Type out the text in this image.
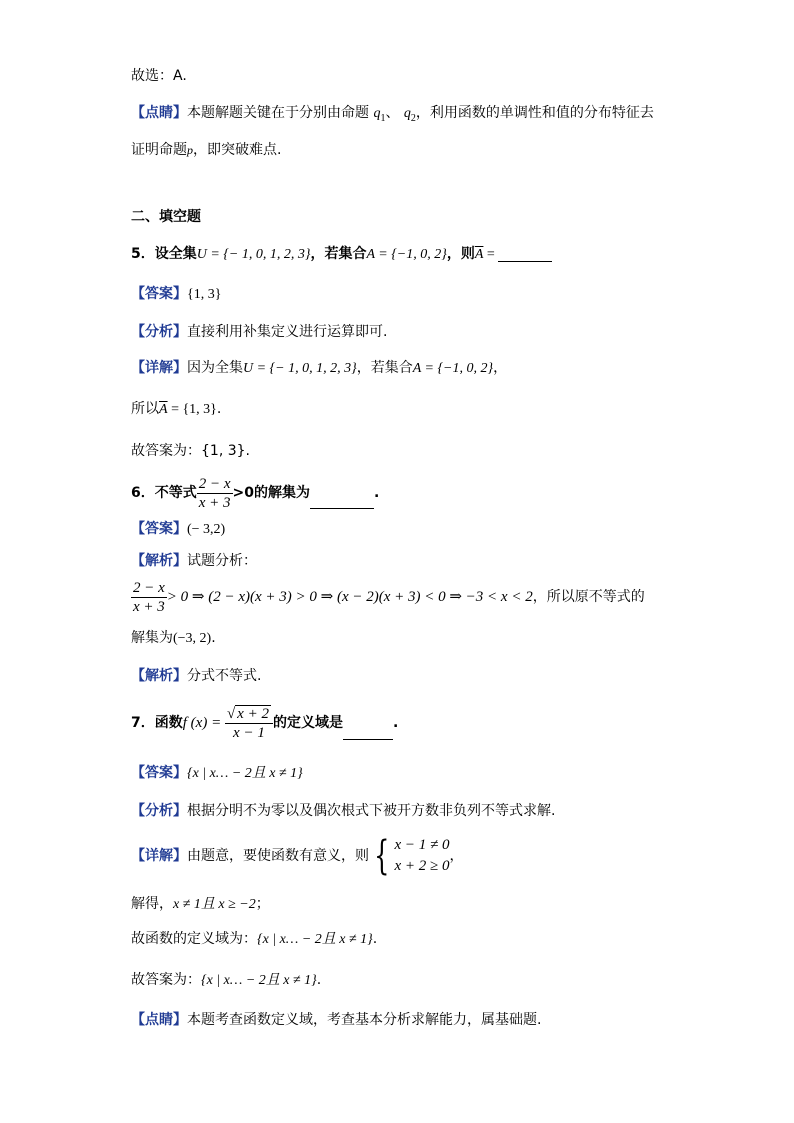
故选：A.
【点睛】本题解题关键在于分别由命题 $q_1$、 $q_2$，利用函数的单调性和值的分布特征去
证明命题p，即突破难点.
二、填空题
5．设全集U = {− 1, 0, 1, 2, 3}，若集合A = {−1, 0, 2}，则$\overline{A}$ =
【答案】{1, 3}
【分析】直接利用补集定义进行运算即可.
【详解】因为全集U = {− 1, 0, 1, 2, 3}，若集合A = {−1, 0, 2}，
所以$\overline{A} = \{1$, 3}.
故答案为：{1, 3}.
6．不等式 $\frac{2 - x}{x + 3} >0$的解集为	.
【答案】(− 3,2)
【解析】试题分析：
$\frac{2 - x}{x + 3} > 0$ ⇒ (2 − x)(x + 3) > 0 ⇒ (x − 2)(x + 3) < 0 ⇒ −3 < x < 2，所以原不等式的
解集为(−3, 2).
【解析】分式不等式.
7．函数f $(x) = \frac{√ x + 2}{x - 1}$ 的定义域是	.
【答案】{x | x… − 2且 x ≠ 1}
【分析】根据分明不为零以及偶次根式下被开方数非负列不等式求解.
【详解】由题意，要使函数有意义，则 { x − 1 ≠ 0
x + 2 ≥ 0
，
解得，x ≠ 1且 x ≥ −2；
故函数的定义域为：{x | x… − 2且 x ≠ 1}.
故答案为：{x | x… − 2且 x ≠ 1}.
【点睛】本题考查函数定义域，考查基本分析求解能力，属基础题.
